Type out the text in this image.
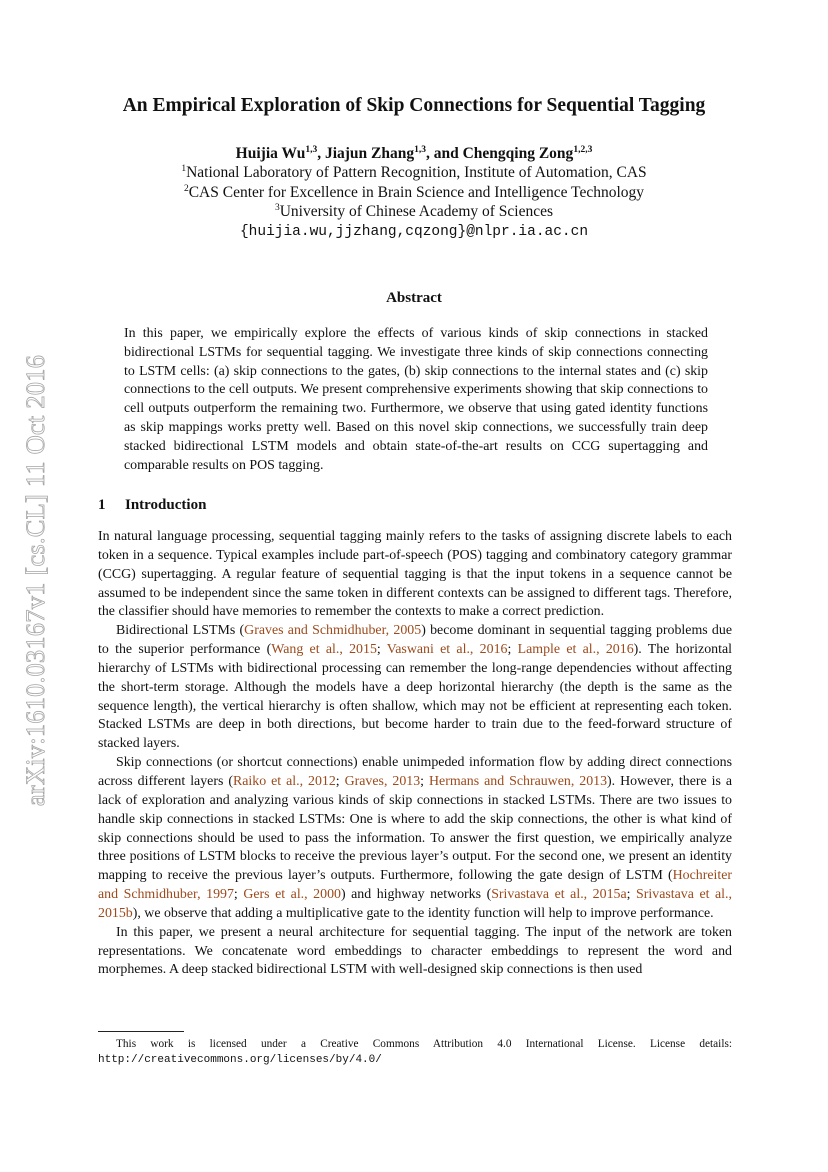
arXiv:1610.03167v1 [cs.CL] 11 Oct 2016
An Empirical Exploration of Skip Connections for Sequential Tagging
Huijia Wu$^{1,3}$, Jiajun Zhang$^{1,3}$, and Chengqing Zong$^{1,2,3}$
$^1$National Laboratory of Pattern Recognition, Institute of Automation, CAS
$^2$CAS Center for Excellence in Brain Science and Intelligence Technology
$^3$University of Chinese Academy of Sciences
{huijia.wu,jjzhang,cqzong}@nlpr.ia.ac.cn
Abstract
In this paper, we empirically explore the effects of various kinds of skip connections in stacked bidirectional LSTMs for sequential tagging. We investigate three kinds of skip connections connecting to LSTM cells: (a) skip connections to the gates, (b) skip connections to the internal states and (c) skip connections to the cell outputs. We present comprehensive experiments showing that skip connections to cell outputs outperform the remaining two. Furthermore, we observe that using gated identity functions as skip mappings works pretty well. Based on this novel skip connections, we successfully train deep stacked bidirectional LSTM models and obtain state-of-the-art results on CCG supertagging and comparable results on POS tagging.
1 Introduction

In natural language processing, sequential tagging mainly refers to the tasks of assigning discrete labels to each token in a sequence. Typical examples include part-of-speech (POS) tagging and combinatory category grammar (CCG) supertagging. A regular feature of sequential tagging is that the input tokens in a sequence cannot be assumed to be independent since the same token in different contexts can be assigned to different tags. Therefore, the classifier should have memories to remember the contexts to make a correct prediction.

Bidirectional LSTMs (Graves and Schmidhuber, 2005) become dominant in sequential tagging problems due to the superior performance (Wang et al., 2015; Vaswani et al., 2016; Lample et al., 2016). The horizontal hierarchy of LSTMs with bidirectional processing can remember the long-range dependencies without affecting the short-term storage. Although the models have a deep horizontal hierarchy (the depth is the same as the sequence length), the vertical hierarchy is often shallow, which may not be efficient at representing each token. Stacked LSTMs are deep in both directions, but become harder to train due to the feed-forward structure of stacked layers.

Skip connections (or shortcut connections) enable unimpeded information flow by adding direct connections across different layers (Raiko et al., 2012; Graves, 2013; Hermans and Schrauwen, 2013). However, there is a lack of exploration and analyzing various kinds of skip connections in stacked LSTMs. There are two issues to handle skip connections in stacked LSTMs: One is where to add the skip connections, the other is what kind of skip connections should be used to pass the information. To answer the first question, we empirically analyze three positions of LSTM blocks to receive the previous layer’s output. For the second one, we present an identity mapping to receive the previous layer’s outputs. Furthermore, following the gate design of LSTM (Hochreiter and Schmidhuber, 1997; Gers et al., 2000) and highway networks (Srivastava et al., 2015a; Srivastava et al., 2015b), we observe that adding a multiplicative gate to the identity function will help to improve performance.

In this paper, we present a neural architecture for sequential tagging. The input of the network are token representations. We concatenate word embeddings to character embeddings to represent the word and morphemes. A deep stacked bidirectional LSTM with well-designed skip connections is then used

This work is licensed under a Creative Commons Attribution 4.0 International License. License details: http://creativecommons.org/licenses/by/4.0/
